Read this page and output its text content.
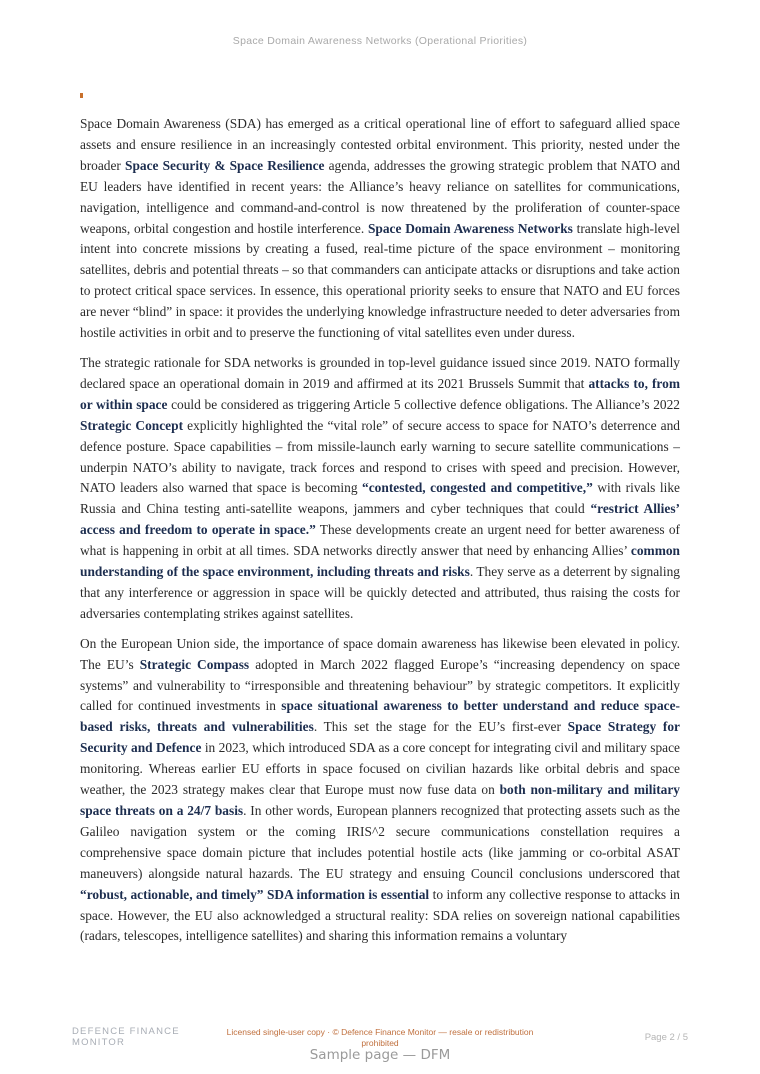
Space Domain Awareness Networks (Operational Priorities)

Space Domain Awareness (SDA) has emerged as a critical operational line of effort to safeguard allied space assets and ensure resilience in an increasingly contested orbital environment. This priority, nested under the broader Space Security & Space Resilience agenda, addresses the growing strategic problem that NATO and EU leaders have identified in recent years: the Alliance’s heavy reliance on satellites for communications, navigation, intelligence and command-and-control is now threatened by the proliferation of counter-space weapons, orbital congestion and hostile interference. Space Domain Awareness Networks translate high-level intent into concrete missions by creating a fused, real-time picture of the space environment – monitoring satellites, debris and potential threats – so that commanders can anticipate attacks or disruptions and take action to protect critical space services. In essence, this operational priority seeks to ensure that NATO and EU forces are never “blind” in space: it provides the underlying knowledge infrastructure needed to deter adversaries from hostile activities in orbit and to preserve the functioning of vital satellites even under duress.

The strategic rationale for SDA networks is grounded in top-level guidance issued since 2019. NATO formally declared space an operational domain in 2019 and affirmed at its 2021 Brussels Summit that attacks to, from or within space could be considered as triggering Article 5 collective defence obligations. The Alliance’s 2022 Strategic Concept explicitly highlighted the “vital role” of secure access to space for NATO’s deterrence and defence posture. Space capabilities – from missile-launch early warning to secure satellite communications – underpin NATO’s ability to navigate, track forces and respond to crises with speed and precision. However, NATO leaders also warned that space is becoming “contested, congested and competitive,” with rivals like Russia and China testing anti-satellite weapons, jammers and cyber techniques that could “restrict Allies’ access and freedom to operate in space.” These developments create an urgent need for better awareness of what is happening in orbit at all times. SDA networks directly answer that need by enhancing Allies’ common understanding of the space environment, including threats and risks. They serve as a deterrent by signaling that any interference or aggression in space will be quickly detected and attributed, thus raising the costs for adversaries contemplating strikes against satellites.

On the European Union side, the importance of space domain awareness has likewise been elevated in policy. The EU’s Strategic Compass adopted in March 2022 flagged Europe’s “increasing dependency on space systems” and vulnerability to “irresponsible and threatening behaviour” by strategic competitors. It explicitly called for continued investments in space situational awareness to better understand and reduce space-based risks, threats and vulnerabilities. This set the stage for the EU’s first-ever Space Strategy for Security and Defence in 2023, which introduced SDA as a core concept for integrating civil and military space monitoring. Whereas earlier EU efforts in space focused on civilian hazards like orbital debris and space weather, the 2023 strategy makes clear that Europe must now fuse data on both non-military and military space threats on a 24/7 basis. In other words, European planners recognized that protecting assets such as the Galileo navigation system or the coming IRIS^2 secure communications constellation requires a comprehensive space domain picture that includes potential hostile acts (like jamming or co-orbital ASAT maneuvers) alongside natural hazards. The EU strategy and ensuing Council conclusions underscored that “robust, actionable, and timely” SDA information is essential to inform any collective response to attacks in space. However, the EU also acknowledged a structural reality: SDA relies on sovereign national capabilities (radars, telescopes, intelligence satellites) and sharing this information remains a voluntary

DEFENCE FINANCE MONITOR
Licensed single-user copy · © Defence Finance Monitor — resale or redistribution prohibited	Page 2 / 5
Sample page — DFM
